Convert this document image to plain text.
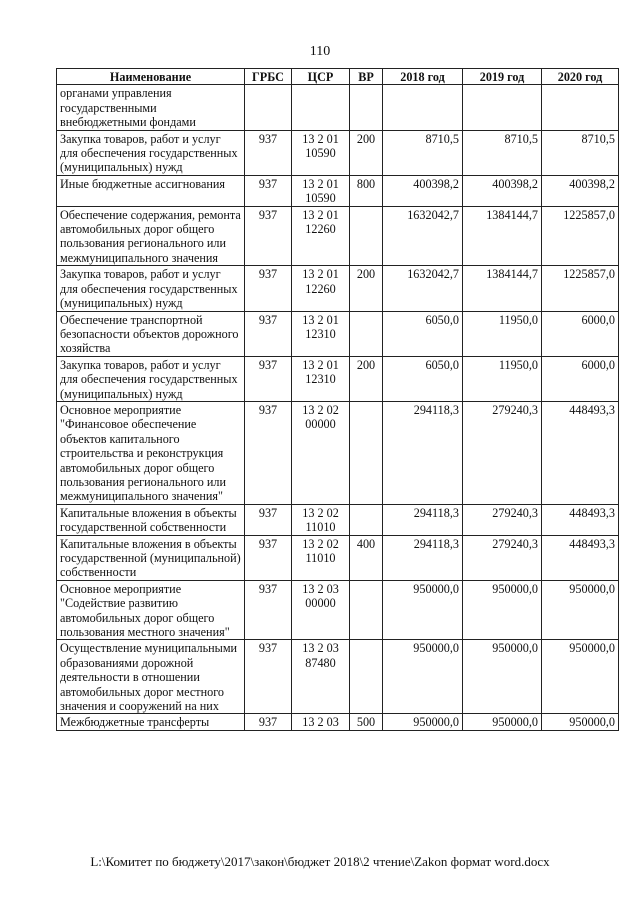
110
Наименование	ГРБС	ЦСР	ВР	2018 год	2019 год	2020 год
органами управления государственными внебюджетными фондами						
Закупка товаров, работ и услуг для обеспечения государственных (муниципальных) нужд	937	13 2 01 10590	200	8710,5	8710,5	8710,5
Иные бюджетные ассигнования	937	13 2 01 10590	800	400398,2	400398,2	400398,2
Обеспечение содержания, ремонта автомобильных дорог общего пользования регионального или межмуниципального значения	937	13 2 01 12260		1632042,7	1384144,7	1225857,0
Закупка товаров, работ и услуг для обеспечения государственных (муниципальных) нужд	937	13 2 01 12260	200	1632042,7	1384144,7	1225857,0
Обеспечение транспортной безопасности объектов дорожного хозяйства	937	13 2 01 12310		6050,0	11950,0	6000,0
Закупка товаров, работ и услуг для обеспечения государственных (муниципальных) нужд	937	13 2 01 12310	200	6050,0	11950,0	6000,0
Основное мероприятие "Финансовое обеспечение объектов капитального строительства и реконструкция автомобильных дорог общего пользования регионального или межмуниципального значения"	937	13 2 02 00000		294118,3	279240,3	448493,3
Капитальные вложения в объекты государственной собственности	937	13 2 02 11010		294118,3	279240,3	448493,3
Капитальные вложения в объекты государственной (муниципальной) собственности	937	13 2 02 11010	400	294118,3	279240,3	448493,3
Основное мероприятие "Содействие развитию автомобильных дорог общего пользования местного значения"	937	13 2 03 00000		950000,0	950000,0	950000,0
Осуществление муниципальными образованиями дорожной деятельности в отношении автомобильных дорог местного значения и сооружений на них	937	13 2 03 87480		950000,0	950000,0	950000,0
Межбюджетные трансферты	937	13 2 03	500	950000,0	950000,0	950000,0
L:\Комитет по бюджету\2017\закон\бюджет 2018\2 чтение\Zakon формат word.docx
